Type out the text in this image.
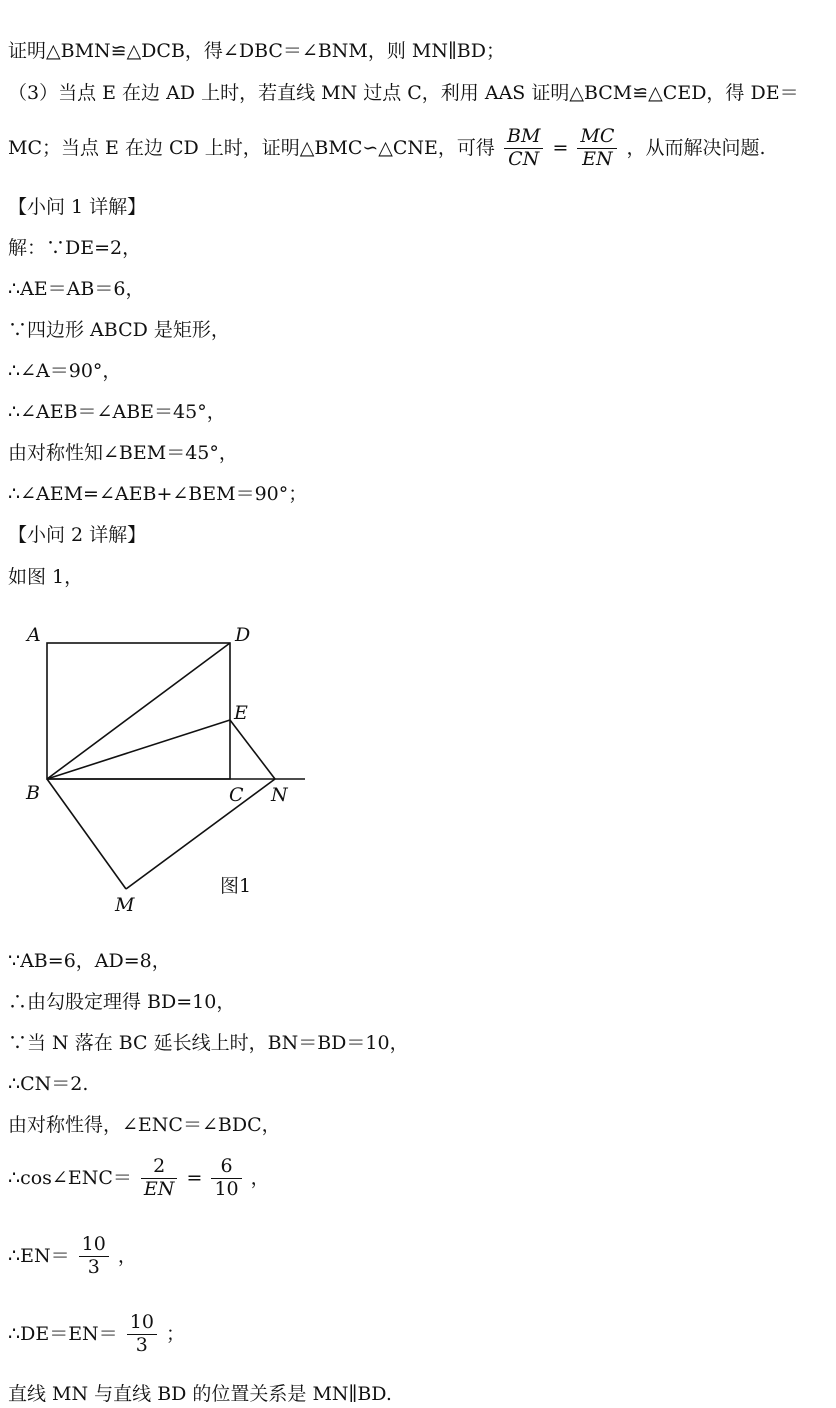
证明△BMN≌△DCB，得∠DBC＝∠BNM，则 MN∥BD；
（3）当点 E 在边 AD 上时，若直线 MN 过点 C，利用 AAS 证明△BCM≌△CED，得 DE＝
MC；当点 E 在边 CD 上时，证明△BMC∽△CNE，可得 $\frac{BM}{CN} = \frac{MC}{EN}$ ，从而解决问题.
【小问 1 详解】
解：∵DE=2，
∴AE＝AB＝6，
∵四边形 ABCD 是矩形，
∴∠A＝90°，
∴∠AEB＝∠ABE＝45°，
由对称性知∠BEM＝45°，
∴∠AEM=∠AEB+∠BEM＝90°；
【小问 2 详解】
如图 1，
A	D
E
B	C N
M
图1
∵AB=6，AD=8，
∴由勾股定理得 BD=10，
∵当 N 落在 BC 延长线上时，BN＝BD＝10，
∴CN＝2.
由对称性得，∠ENC＝∠BDC，
∴cos∠ENC＝ $\frac{2}{EN} = \frac{6}{10}$ ，
∴EN＝ $\frac{10}{3}$ ，
∴DE＝EN＝ $\frac{10}{3}$ ；
直线 MN 与直线 BD 的位置关系是 MN∥BD.
